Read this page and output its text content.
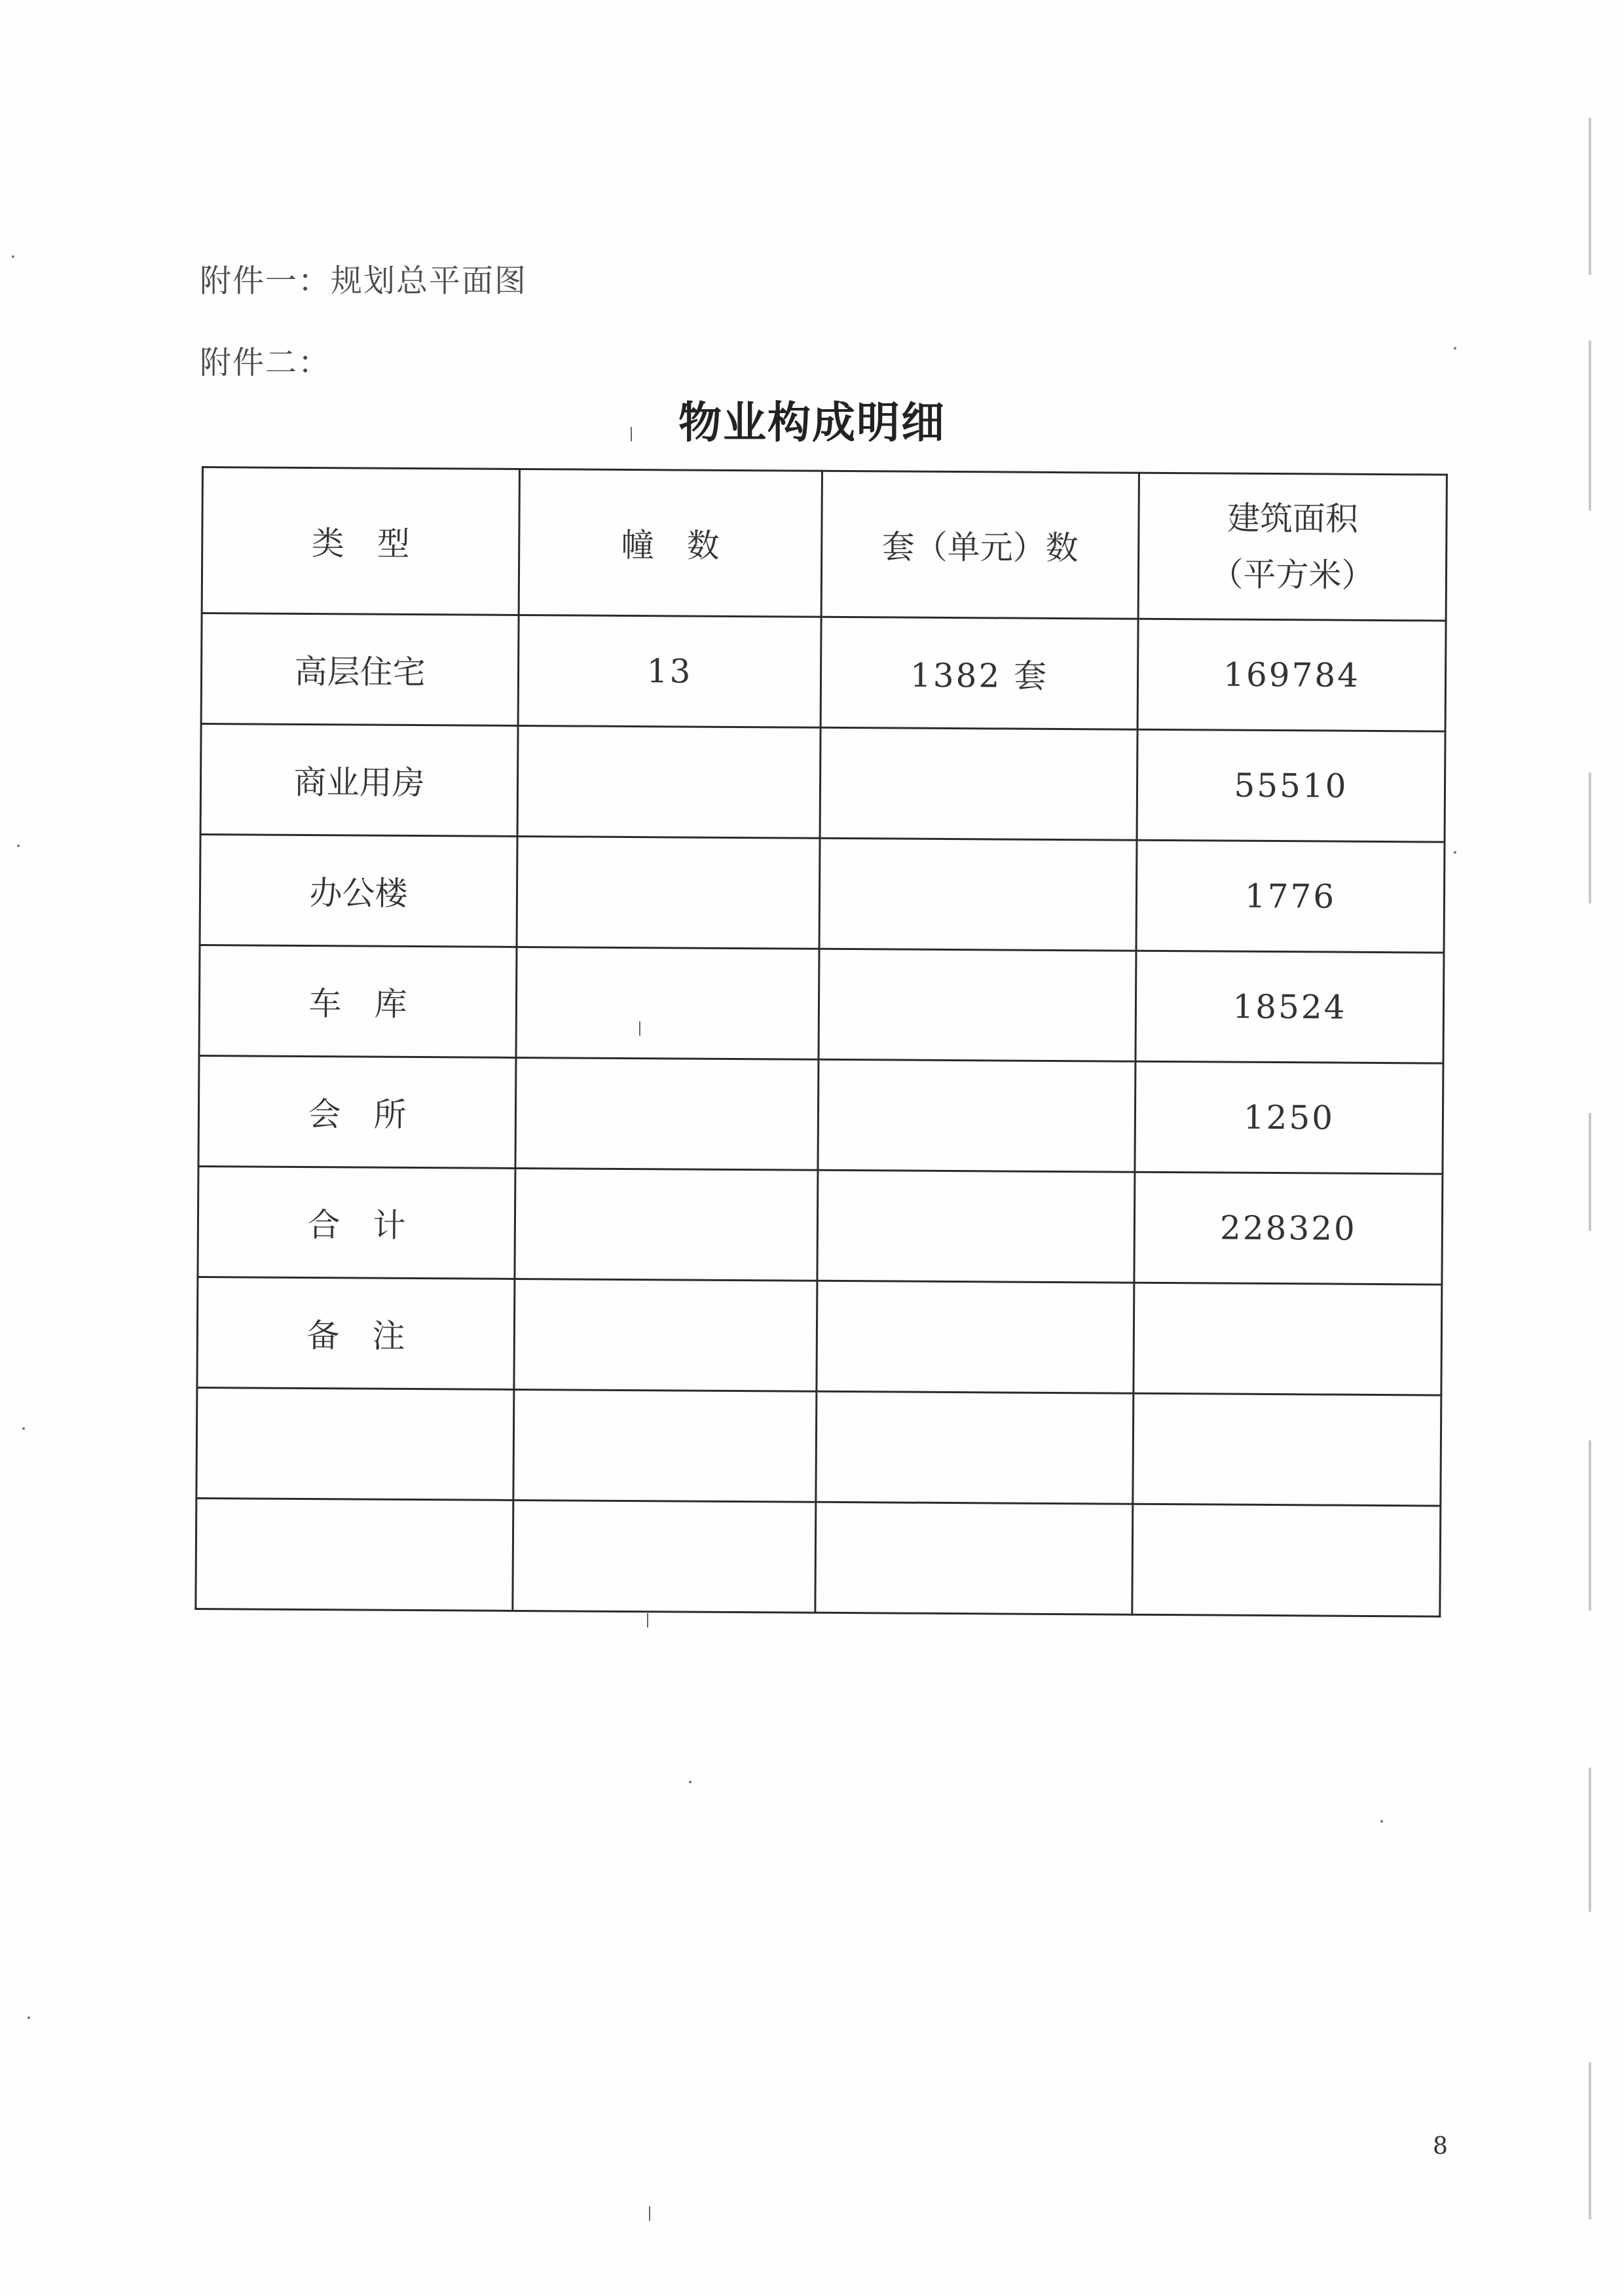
附件一：规划总平面图
附件二：
物业构成明细
类　型	幢　数	套（单元）数	建筑面积
（平方米）

高层住宅	13	1382 套	169784
商业用房			55510
办公楼			1776
车　库			18524
会　所			1250
合　计			228320
备　注			

8
